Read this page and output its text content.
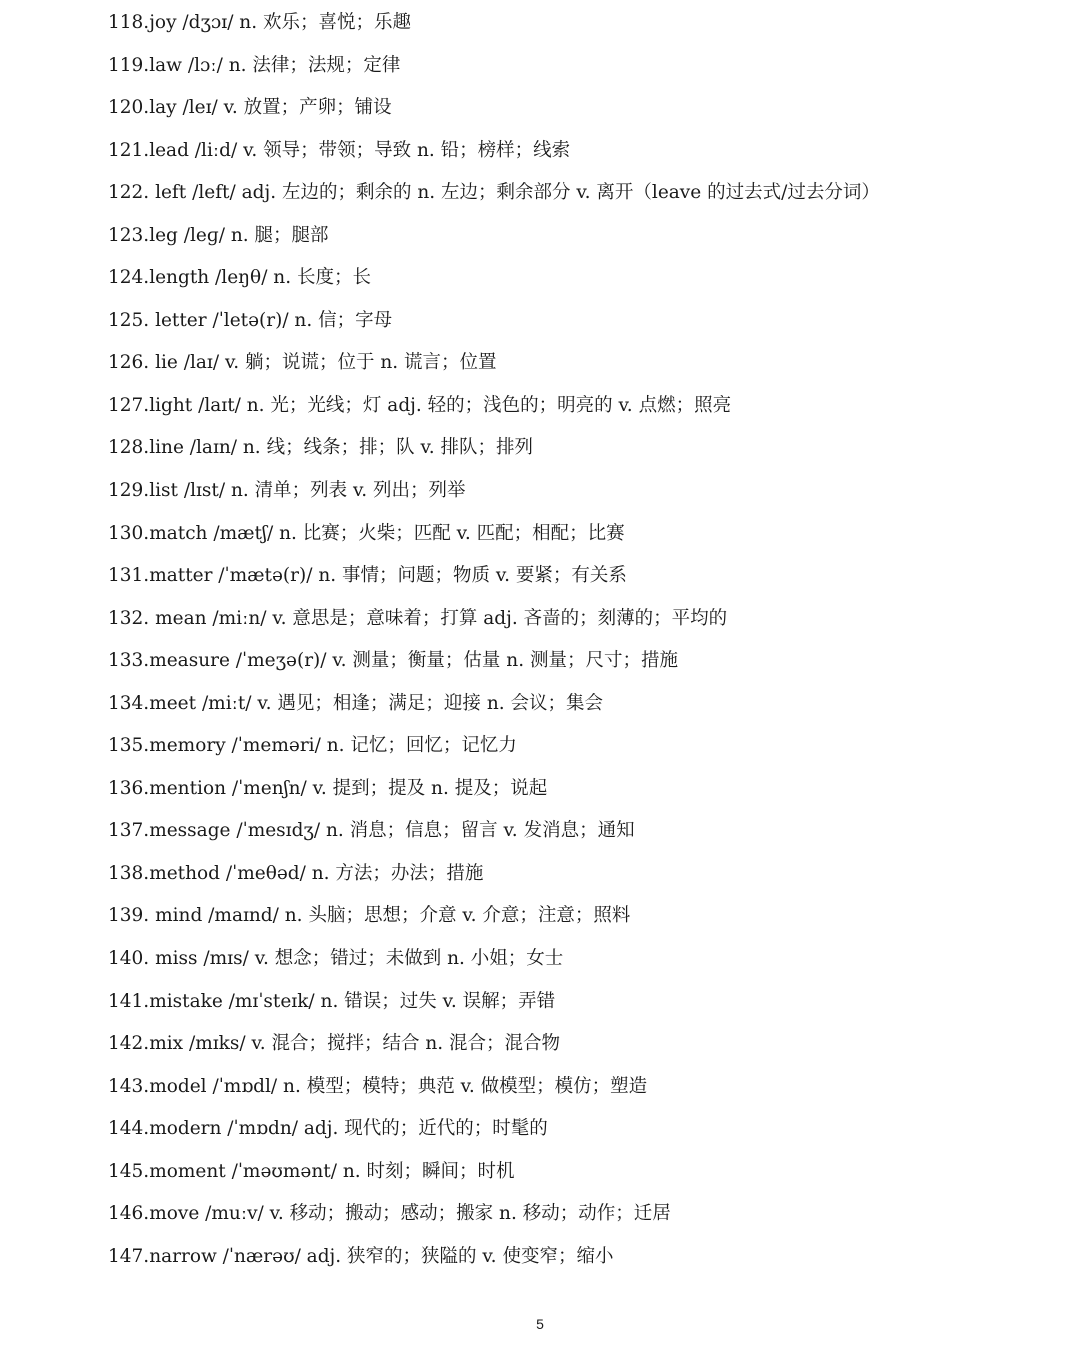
118.joy /dʒɔɪ/ n. 欢乐；喜悦；乐趣
119.law /lɔː/ n. 法律；法规；定律
120.lay /leɪ/ v. 放置；产卵；铺设
121.lead /liːd/ v. 领导；带领；导致 n. 铅；榜样；线索
122. left /left/ adj. 左边的；剩余的 n. 左边；剩余部分 v. 离开（leave 的过去式/过去分词）
123.leg /leɡ/ n. 腿；腿部
124.length /leŋθ/ n. 长度；长
125. letter /ˈletə(r)/ n. 信；字母
126. lie /laɪ/ v. 躺；说谎；位于 n. 谎言；位置
127.light /laɪt/ n. 光；光线；灯 adj. 轻的；浅色的；明亮的 v. 点燃；照亮
128.line /laɪn/ n. 线；线条；排；队 v. 排队；排列
129.list /lɪst/ n. 清单；列表 v. 列出；列举
130.match /mætʃ/ n. 比赛；火柴；匹配 v. 匹配；相配；比赛
131.matter /ˈmætə(r)/ n. 事情；问题；物质 v. 要紧；有关系
132. mean /miːn/ v. 意思是；意味着；打算 adj. 吝啬的；刻薄的；平均的
133.measure /ˈmeʒə(r)/ v. 测量；衡量；估量 n. 测量；尺寸；措施
134.meet /miːt/ v. 遇见；相逢；满足；迎接 n. 会议；集会
135.memory /ˈmeməri/ n. 记忆；回忆；记忆力
136.mention /ˈmenʃn/ v. 提到；提及 n. 提及；说起
137.message /ˈmesɪdʒ/ n. 消息；信息；留言 v. 发消息；通知
138.method /ˈmeθəd/ n. 方法；办法；措施
139. mind /maɪnd/ n. 头脑；思想；介意 v. 介意；注意；照料
140. miss /mɪs/ v. 想念；错过；未做到 n. 小姐；女士
141.mistake /mɪˈsteɪk/ n. 错误；过失 v. 误解；弄错
142.mix /mɪks/ v. 混合；搅拌；结合 n. 混合；混合物
143.model /ˈmɒdl/ n. 模型；模特；典范 v. 做模型；模仿；塑造
144.modern /ˈmɒdn/ adj. 现代的；近代的；时髦的
145.moment /ˈməʊmənt/ n. 时刻；瞬间；时机
146.move /muːv/ v. 移动；搬动；感动；搬家 n. 移动；动作；迁居
147.narrow /ˈnærəʊ/ adj. 狭窄的；狭隘的 v. 使变窄；缩小
5
